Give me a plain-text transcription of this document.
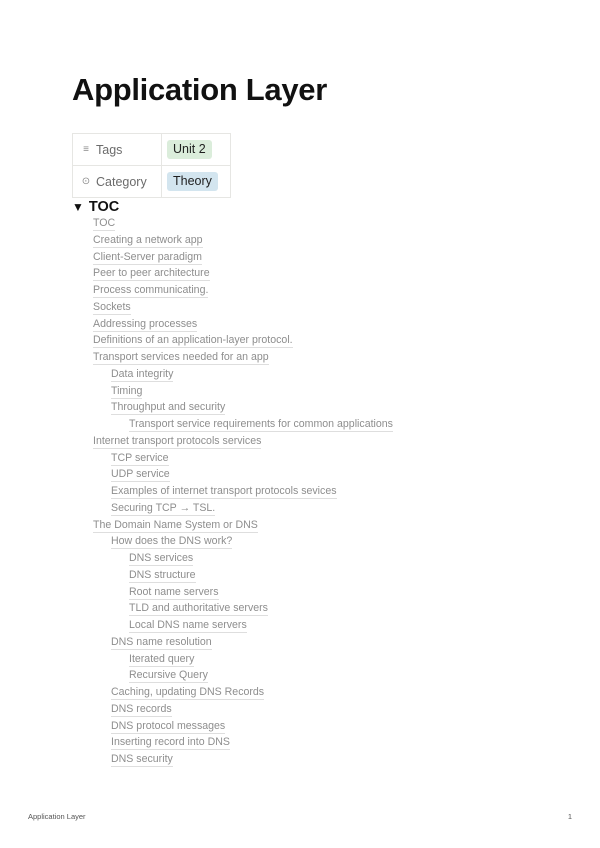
Application Layer
≡ Tags	Unit 2

⊙ Category	Theory
▼ TOC
TOC
Creating a network app
Client-Server paradigm
Peer to peer architecture
Process communicating.
Sockets
Addressing processes
Definitions of an application-layer protocol.
Transport services needed for an app
Data integrity
Timing
Throughput and security
Transport service requirements for common applications
Internet transport protocols services
TCP service
UDP service
Examples of internet transport protocols sevices
Securing TCP → TSL.
The Domain Name System or DNS
How does the DNS work?
DNS services
DNS structure
Root name servers
TLD and authoritative servers
Local DNS name servers
DNS name resolution
Iterated query
Recursive Query
Caching, updating DNS Records
DNS records
DNS protocol messages
Inserting record into DNS
DNS security
Application Layer	1
